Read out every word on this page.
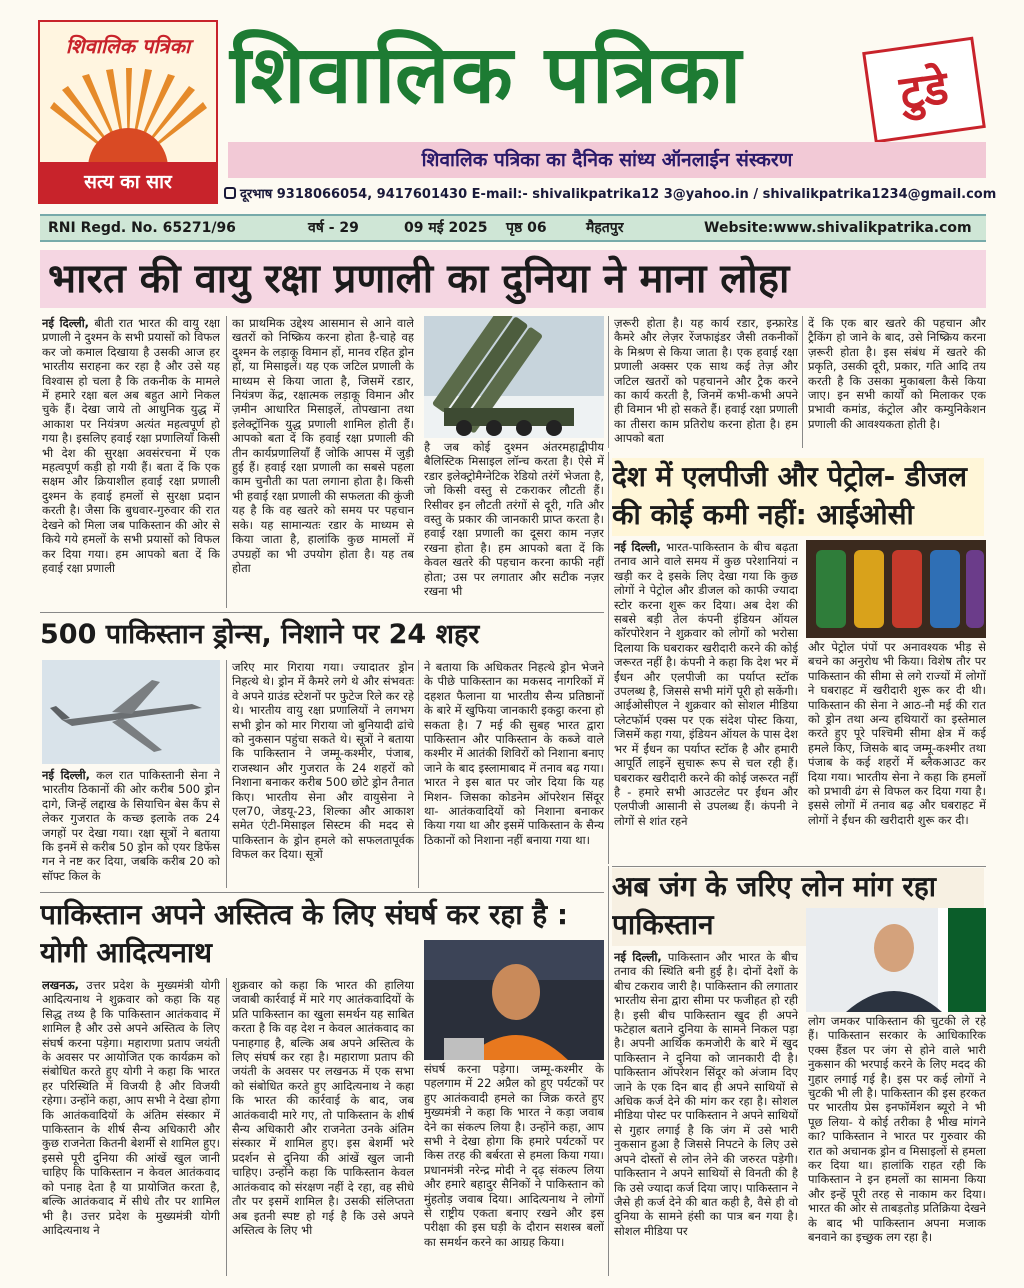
शिवालिक पत्रिका
सत्य का सार
शिवालिक पत्रिका	टुडे
शिवालिक पत्रिका का दैनिक सांध्य ऑनलाईन संस्करण
दूरभाष 9318066054, 9417601430 E-mail:- shivalikpatrika12 3@yahoo.in / shivalikpatrika1234@gmail.com
RNI Regd. No. 65271/96	वर्ष - 29	09 मई 2025 पृष्ठ 06	मैहतपुर	Website:www.shivalikpatrika.com
भारत की वायु रक्षा प्रणाली का दुनिया ने माना लोहा
नई दिल्ली, बीती रात भारत की वायु रक्षा प्रणाली ने दुश्मन के सभी प्रयासों को विफल कर जो कमाल दिखाया है उसकी आज हर भारतीय सराहना कर रहा है और उसे यह विश्वास हो चला है कि तकनीक के मामले में हमारे रक्षा बल अब बहुत आगे निकल चुके हैं। देखा जाये तो आधुनिक युद्ध में आकाश पर नियंत्रण अत्यंत महत्वपूर्ण हो गया है। इसलिए हवाई रक्षा प्रणालियाँ किसी भी देश की सुरक्षा अवसंरचना में एक महत्वपूर्ण कड़ी हो गयी हैं। बता दें कि एक सक्षम और क्रियाशील हवाई रक्षा प्रणाली दुश्मन के हवाई हमलों से सुरक्षा प्रदान करती है। जैसा कि बुधवार-गुरुवार की रात देखने को मिला जब पाकिस्तान की ओर से किये गये हमलों के सभी प्रयासों को विफल कर दिया गया। हम आपको बता दें कि हवाई रक्षा प्रणाली
का प्राथमिक उद्देश्य आसमान से आने वाले खतरों को निष्क्रिय करना होता है-चाहे वह दुश्मन के लड़ाकू विमान हों, मानव रहित ड्रोन हों, या मिसाइलें। यह एक जटिल प्रणाली के माध्यम से किया जाता है, जिसमें रडार, नियंत्रण केंद्र, रक्षात्मक लड़ाकू विमान और ज़मीन आधारित मिसाइलें, तोपखाना तथा इलेक्ट्रॉनिक युद्ध प्रणाली शामिल होती हैं। आपको बता दें कि हवाई रक्षा प्रणाली की तीन कार्यप्रणालियाँ हैं जोकि आपस में जुड़ी हुई हैं। हवाई रक्षा प्रणाली का सबसे पहला काम चुनौती का पता लगाना होता है। किसी भी हवाई रक्षा प्रणाली की सफलता की कुंजी यह है कि वह खतरे को समय पर पहचान सके। यह सामान्यतः रडार के माध्यम से किया जाता है, हालांकि कुछ मामलों में उपग्रहों का भी उपयोग होता है। यह तब होता
है जब कोई दुश्मन अंतरमहाद्वीपीय बैलिस्टिक मिसाइल लॉन्च करता है। ऐसे में रडार इलेक्ट्रोमैग्नेटिक रेडियो तरंगें भेजता है, जो किसी वस्तु से टकराकर लौटती हैं। रिसीवर इन लौटती तरंगों से दूरी, गति और वस्तु के प्रकार की जानकारी प्राप्त करता है। हवाई रक्षा प्रणाली का दूसरा काम नज़र रखना होता है। हम आपको बता दें कि केवल खतरे की पहचान करना काफी नहीं होता; उस पर लगातार और सटीक नज़र रखना भी
ज़रूरी होता है। यह कार्य रडार, इन्फ्रारेड कैमरे और लेज़र रेंजफाइंडर जैसी तकनीकों के मिश्रण से किया जाता है। एक हवाई रक्षा प्रणाली अक्सर एक साथ कई तेज़ और जटिल खतरों को पहचानने और ट्रैक करने का कार्य करती है, जिनमें कभी-कभी अपने ही विमान भी हो सकते हैं। हवाई रक्षा प्रणाली का तीसरा काम प्रतिरोध करना होता है। हम आपको बता
दें कि एक बार खतरे की पहचान और ट्रैकिंग हो जाने के बाद, उसे निष्क्रिय करना ज़रूरी होता है। इस संबंध में खतरे की प्रकृति, उसकी दूरी, प्रकार, गति आदि तय करती है कि उसका मुकाबला कैसे किया जाए। इन सभी कार्यों को मिलाकर एक प्रभावी कमांड, कंट्रोल और कम्युनिकेशन प्रणाली की आवश्यकता होती है।
500 पाकिस्तान ड्रोन्स, निशाने पर 24 शहर
नई दिल्ली, कल रात पाकिस्तानी सेना ने भारतीय ठिकानों की ओर करीब 500 ड्रोन दागे, जिन्हें लद्दाख के सियाचिन बेस कैंप से लेकर गुजरात के कच्छ इलाके तक 24 जगहों पर देखा गया। रक्षा सूत्रों ने बताया कि इनमें से करीब 50 ड्रोन को एयर डिफेंस गन ने नष्ट कर दिया, जबकि करीब 20 को सॉफ्ट किल के
जरिए मार गिराया गया। ज्यादातर ड्रोन निहत्थे थे। ड्रोन में कैमरे लगे थे और संभवतः वे अपने ग्राउंड स्टेशनों पर फुटेज रिले कर रहे थे। भारतीय वायु रक्षा प्रणालियों ने लगभग सभी ड्रोन को मार गिराया जो बुनियादी ढांचे को नुकसान पहुंचा सकते थे। सूत्रों ने बताया कि पाकिस्तान ने जम्मू-कश्मीर, पंजाब, राजस्थान और गुजरात के 24 शहरों को निशाना बनाकर करीब 500 छोटे ड्रोन तैनात किए। भारतीय सेना और वायुसेना ने एल70, जेडयू-23, शिल्का और आकाश समेत एंटी-मिसाइल सिस्टम की मदद से पाकिस्तान के ड्रोन हमले को सफलतापूर्वक विफल कर दिया। सूत्रों
ने बताया कि अधिकतर निहत्थे ड्रोन भेजने के पीछे पाकिस्तान का मकसद नागरिकों में दहशत फैलाना या भारतीय सैन्य प्रतिष्ठानों के बारे में खुफिया जानकारी इकट्ठा करना हो सकता है। 7 मई की सुबह भारत द्वारा पाकिस्तान और पाकिस्तान के कब्जे वाले कश्मीर में आतंकी शिविरों को निशाना बनाए जाने के बाद इस्लामाबाद में तनाव बढ़ गया। भारत ने इस बात पर जोर दिया कि यह मिशन- जिसका कोडनेम ऑपरेशन सिंदूर था- आतंकवादियों को निशाना बनाकर किया गया था और इसमें पाकिस्तान के सैन्य ठिकानों को निशाना नहीं बनाया गया था।
देश में एलपीजी और पेट्रोल- डीजल की कोई कमी नहीं: आईओसी
नई दिल्ली, भारत-पाकिस्तान के बीच बढ़ता तनाव आने वाले समय में कुछ परेशानियां न खड़ी कर दे इसके लिए देखा गया कि कुछ लोगों ने पेट्रोल और डीजल को काफी ज्यादा स्टोर करना शुरू कर दिया। अब देश की सबसे बड़ी तेल कंपनी इंडियन ऑयल कॉरपोरेशन ने शुक्रवार को लोगों को भरोसा दिलाया कि घबराकर खरीदारी करने की कोई जरूरत नहीं है। कंपनी ने कहा कि देश भर में ईंधन और एलपीजी का पर्याप्त स्टॉक उपलब्ध है, जिससे सभी मांगें पूरी हो सकेंगी। आईओसीएल ने शुक्रवार को सोशल मीडिया प्लेटफॉर्म एक्स पर एक संदेश पोस्ट किया, जिसमें कहा गया, इंडियन ऑयल के पास देश भर में ईंधन का पर्याप्त स्टॉक है और हमारी आपूर्ति लाइनें सुचारू रूप से चल रही हैं। घबराकर खरीदारी करने की कोई जरूरत नहीं है - हमारे सभी आउटलेट पर ईंधन और एलपीजी आसानी से उपलब्ध हैं। कंपनी ने लोगों से शांत रहने
और पेट्रोल पंपों पर अनावश्यक भीड़ से बचने का अनुरोध भी किया। विशेष तौर पर पाकिस्तान की सीमा से लगे राज्यों में लोगों ने घबराहट में खरीदारी शुरू कर दी थी। पाकिस्तान की सेना ने आठ-नौ मई की रात को ड्रोन तथा अन्य हथियारों का इस्तेमाल करते हुए पूरे पश्चिमी सीमा क्षेत्र में कई हमले किए, जिसके बाद जम्मू-कश्मीर तथा पंजाब के कई शहरों में ब्लैकआउट कर दिया गया। भारतीय सेना ने कहा कि हमलों को प्रभावी ढंग से विफल कर दिया गया है। इससे लोगों में तनाव बढ़ और घबराहट में लोगों ने ईंधन की खरीदारी शुरू कर दी।
पाकिस्तान अपने अस्तित्व के लिए संघर्ष कर रहा है : योगी आदित्यनाथ
लखनऊ, उत्तर प्रदेश के मुख्यमंत्री योगी आदित्यनाथ ने शुक्रवार को कहा कि यह सिद्ध तथ्य है कि पाकिस्तान आतंकवाद में शामिल है और उसे अपने अस्तित्व के लिए संघर्ष करना पड़ेगा। महाराणा प्रताप जयंती के अवसर पर आयोजित एक कार्यक्रम को संबोधित करते हुए योगी ने कहा कि भारत हर परिस्थिति में विजयी है और विजयी रहेगा। उन्होंने कहा, आप सभी ने देखा होगा कि आतंकवादियों के अंतिम संस्कार में पाकिस्तान के शीर्ष सैन्य अधिकारी और कुछ राजनेता कितनी बेशर्मी से शामिल हुए। इससे पूरी दुनिया की आंखें खुल जानी चाहिए कि पाकिस्तान न केवल आतंकवाद को पनाह देता है या प्रायोजित करता है, बल्कि आतंकवाद में सीधे तौर पर शामिल भी है। उत्तर प्रदेश के मुख्यमंत्री योगी आदित्यनाथ ने
शुक्रवार को कहा कि भारत की हालिया जवाबी कार्रवाई में मारे गए आतंकवादियों के प्रति पाकिस्तान का खुला समर्थन यह साबित करता है कि वह देश न केवल आतंकवाद का पनाहगाह है, बल्कि अब अपने अस्तित्व के लिए संघर्ष कर रहा है। महाराणा प्रताप की जयंती के अवसर पर लखनऊ में एक सभा को संबोधित करते हुए आदित्यनाथ ने कहा कि भारत की कार्रवाई के बाद, जब आतंकवादी मारे गए, तो पाकिस्तान के शीर्ष सैन्य अधिकारी और राजनेता उनके अंतिम संस्कार में शामिल हुए। इस बेशर्मी भरे प्रदर्शन से दुनिया की आंखें खुल जानी चाहिए। उन्होंने कहा कि पाकिस्तान केवल आतंकवाद को संरक्षण नहीं दे रहा, वह सीधे तौर पर इसमें शामिल है। उसकी संलिप्तता अब इतनी स्पष्ट हो गई है कि उसे अपने अस्तित्व के लिए भी
संघर्ष करना पड़ेगा। जम्मू-कश्मीर के पहलगाम में 22 अप्रैल को हुए पर्यटकों पर हुए आतंकवादी हमले का जिक्र करते हुए मुख्यमंत्री ने कहा कि भारत ने कड़ा जवाब देने का संकल्प लिया है। उन्होंने कहा, आप सभी ने देखा होगा कि हमारे पर्यटकों पर किस तरह की बर्बरता से हमला किया गया। प्रधानमंत्री नरेन्द्र मोदी ने दृढ़ संकल्प लिया और हमारे बहादुर सैनिकों ने पाकिस्तान को मुंहतोड़ जवाब दिया। आदित्यनाथ ने लोगों से राष्ट्रीय एकता बनाए रखने और इस परीक्षा की इस घड़ी के दौरान सशस्त्र बलों का समर्थन करने का आग्रह किया।
अब जंग के जरिए लोन मांग रहा पाकिस्तान
नई दिल्ली, पाकिस्तान और भारत के बीच तनाव की स्थिति बनी हुई है। दोनों देशों के बीच टकराव जारी है। पाकिस्तान की लगातार भारतीय सेना द्वारा सीमा पर फजीहत हो रही है। इसी बीच पाकिस्तान खुद ही अपने फटेहाल बताने दुनिया के सामने निकल पड़ा है। अपनी आर्थिक कमजोरी के बारे में खुद पाकिस्तान ने दुनिया को जानकारी दी है। पाकिस्तान ऑपरेशन सिंदूर को अंजाम दिए जाने के एक दिन बाद ही अपने साथियों से अधिक कर्ज देने की मांग कर रहा है। सोशल मीडिया पोस्ट पर पाकिस्तान ने अपने साथियों से गुहार लगाई है कि जंग में उसे भारी नुकसान हुआ है जिससे निपटने के लिए उसे अपने दोस्तों से लोन लेने की जरुरत पड़ेगी। पाकिस्तान ने अपने साथियों से विनती की है कि उसे ज्यादा कर्ज दिया जाए। पाकिस्तान ने जैसे ही कर्ज देने की बात कही है, वैसे ही वो दुनिया के सामने हंसी का पात्र बन गया है। सोशल मीडिया पर
लोग जमकर पाकिस्तान की चुटकी ले रहे हैं। पाकिस्तान सरकार के आधिकारिक एक्स हैंडल पर जंग से होने वाले भारी नुकसान की भरपाई करने के लिए मदद की गुहार लगाई गई है। इस पर कई लोगों ने चुटकी भी ली है। पाकिस्तान की इस हरकत पर भारतीय प्रेस इनफॉर्मेशन ब्यूरो ने भी पूछ लिया- ये कोई तरीका है भीख मांगने का? पाकिस्तान ने भारत पर गुरुवार की रात को अचानक ड्रोन व मिसाइलों से हमला कर दिया था। हालांकि राहत रही कि पाकिस्तान ने इन हमलों का सामना किया और इन्हें पूरी तरह से नाकाम कर दिया। भारत की ओर से ताबड़तोड़ प्रतिक्रिया देखने के बाद भी पाकिस्तान अपना मजाक बनवाने का इच्छुक लग रहा है।
